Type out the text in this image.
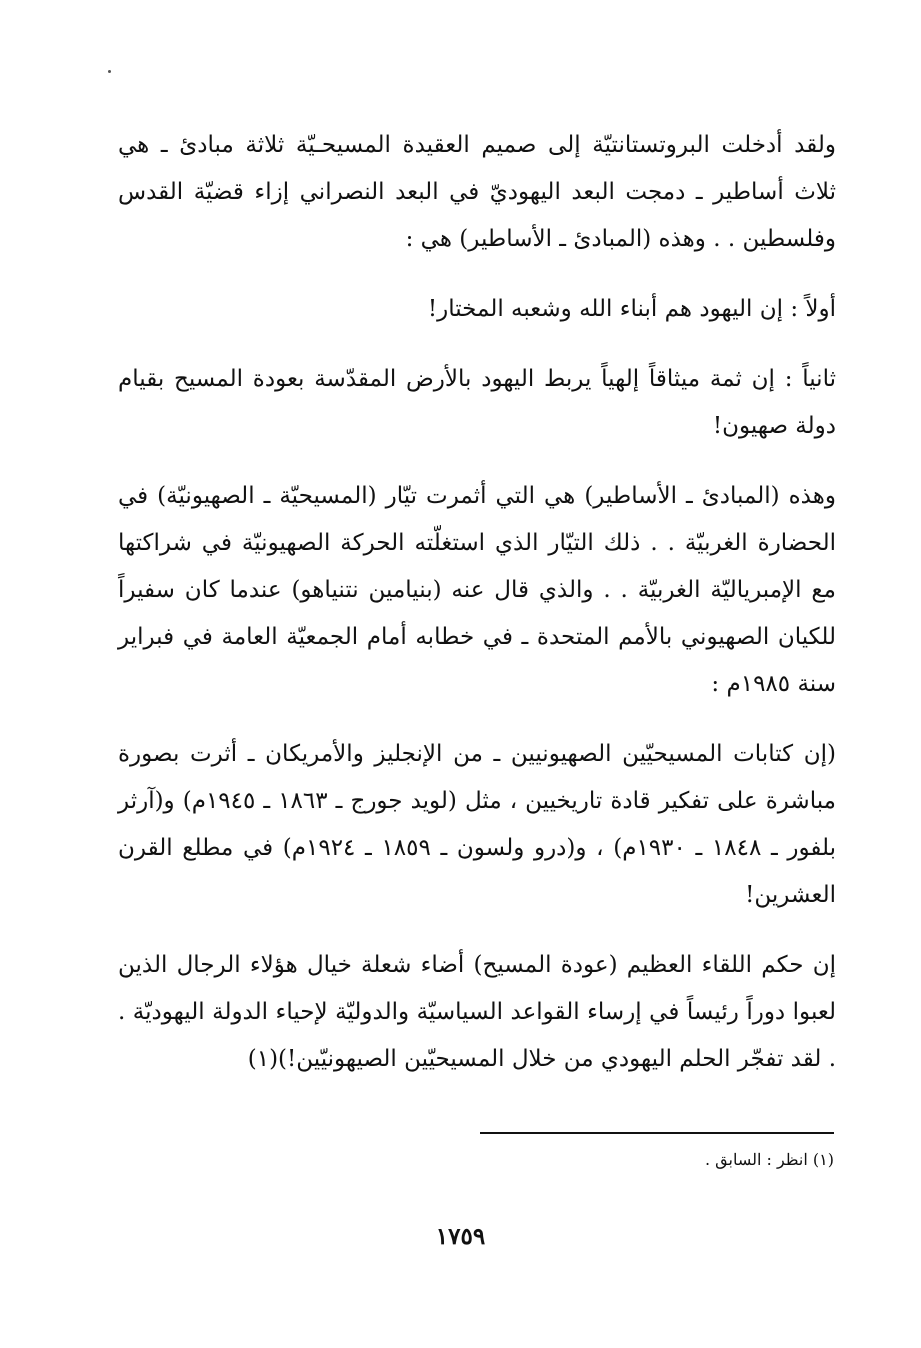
ولقد أدخلت البروتستانتيّة إلى صميم العقيدة المسيحـيّة ثلاثة مبادئ ـ هي ثلاث أساطير ـ دمجت البعد اليهوديّ في البعد النصراني إزاء قضيّة القدس وفلسطين . . وهذه (المبادئ ـ الأساطير) هي :

أولاً : إن اليهود هم أبناء الله وشعبه المختار!

ثانياً : إن ثمة ميثاقاً إلهياً يربط اليهود بالأرض المقدّسة بعودة المسيح بقيام دولة صهيون!

وهذه (المبادئ ـ الأساطير) هي التي أثمرت تيّار (المسيحيّة ـ الصهيونيّة) في الحضارة الغربيّة . . ذلك التيّار الذي استغلّته الحركة الصهيونيّة في شراكتها مع الإمبرياليّة الغربيّة . . والذي قال عنه (بنيامين نتنياهو) عندما كان سفيراً للكيان الصهيوني بالأمم المتحدة ـ في خطابه أمام الجمعيّة العامة في فبراير سنة ١٩٨٥م :

(إن كتابات المسيحيّين الصهيونيين ـ من الإنجليز والأمريكان ـ أثرت بصورة مباشرة على تفكير قادة تاريخيين ، مثل (لويد جورج ـ ١٨٦٣ ـ ١٩٤٥م) و(آرثر بلفور ـ ١٨٤٨ ـ ١٩٣٠م) ، و(درو ولسون ـ ١٨٥٩ ـ ١٩٢٤م) في مطلع القرن العشرين!

إن حكم اللقاء العظيم (عودة المسيح) أضاء شعلة خيال هؤلاء الرجال الذين لعبوا دوراً رئيساً في إرساء القواعد السياسيّة والدوليّة لإحياء الدولة اليهوديّة . . لقد تفجّر الحلم اليهودي من خلال المسيحيّين الصيهونيّين!)(١)

(١) انظر : السابق .
١٧٥٩
